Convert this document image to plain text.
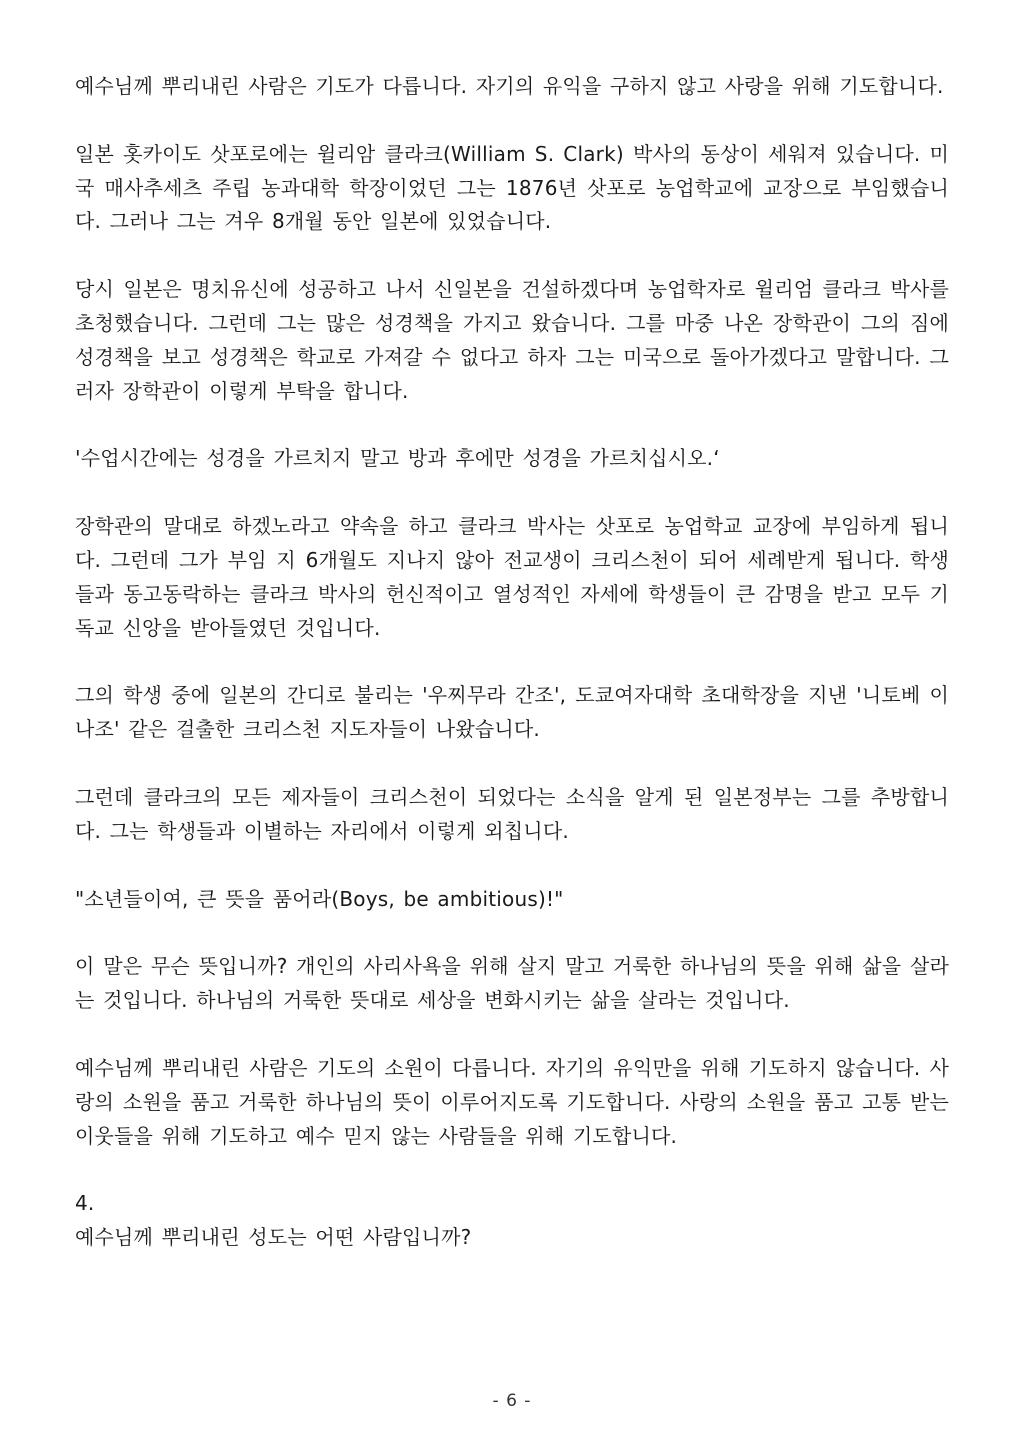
예수님께 뿌리내린 사람은 기도가 다릅니다. 자기의 유익을 구하지 않고 사랑을 위해 기도합니다.

일본 홋카이도 삿포로에는 윌리암 클라크(William S. Clark) 박사의 동상이 세워져 있습니다. 미국 매사추세츠 주립 농과대학 학장이었던 그는 1876년 삿포로 농업학교에 교장으로 부임했습니다. 그러나 그는 겨우 8개월 동안 일본에 있었습니다.

당시 일본은 명치유신에 성공하고 나서 신일본을 건설하겠다며 농업학자로 윌리엄 클라크 박사를 초청했습니다. 그런데 그는 많은 성경책을 가지고 왔습니다. 그를 마중 나온 장학관이 그의 짐에 성경책을 보고 성경책은 학교로 가져갈 수 없다고 하자 그는 미국으로 돌아가겠다고 말합니다. 그러자 장학관이 이렇게 부탁을 합니다.

'수업시간에는 성경을 가르치지 말고 방과 후에만 성경을 가르치십시오.‘

장학관의 말대로 하겠노라고 약속을 하고 클라크 박사는 삿포로 농업학교 교장에 부임하게 됩니다. 그런데 그가 부임 지 6개월도 지나지 않아 전교생이 크리스천이 되어 세례받게 됩니다. 학생들과 동고동락하는 클라크 박사의 헌신적이고 열성적인 자세에 학생들이 큰 감명을 받고 모두 기독교 신앙을 받아들였던 것입니다.

그의 학생 중에 일본의 간디로 불리는 '우찌무라 간조', 도쿄여자대학 초대학장을 지낸 '니토베 이나조' 같은 걸출한 크리스천 지도자들이 나왔습니다.

그런데 클라크의 모든 제자들이 크리스천이 되었다는 소식을 알게 된 일본정부는 그를 추방합니다. 그는 학생들과 이별하는 자리에서 이렇게 외칩니다.

"소년들이여, 큰 뜻을 품어라(Boys, be ambitious)!"

이 말은 무슨 뜻입니까? 개인의 사리사욕을 위해 살지 말고 거룩한 하나님의 뜻을 위해 삶을 살라는 것입니다. 하나님의 거룩한 뜻대로 세상을 변화시키는 삶을 살라는 것입니다.

예수님께 뿌리내린 사람은 기도의 소원이 다릅니다. 자기의 유익만을 위해 기도하지 않습니다. 사랑의 소원을 품고 거룩한 하나님의 뜻이 이루어지도록 기도합니다. 사랑의 소원을 품고 고통 받는 이웃들을 위해 기도하고 예수 믿지 않는 사람들을 위해 기도합니다.

4.

예수님께 뿌리내린 성도는 어떤 사람입니까?

- 6 -
